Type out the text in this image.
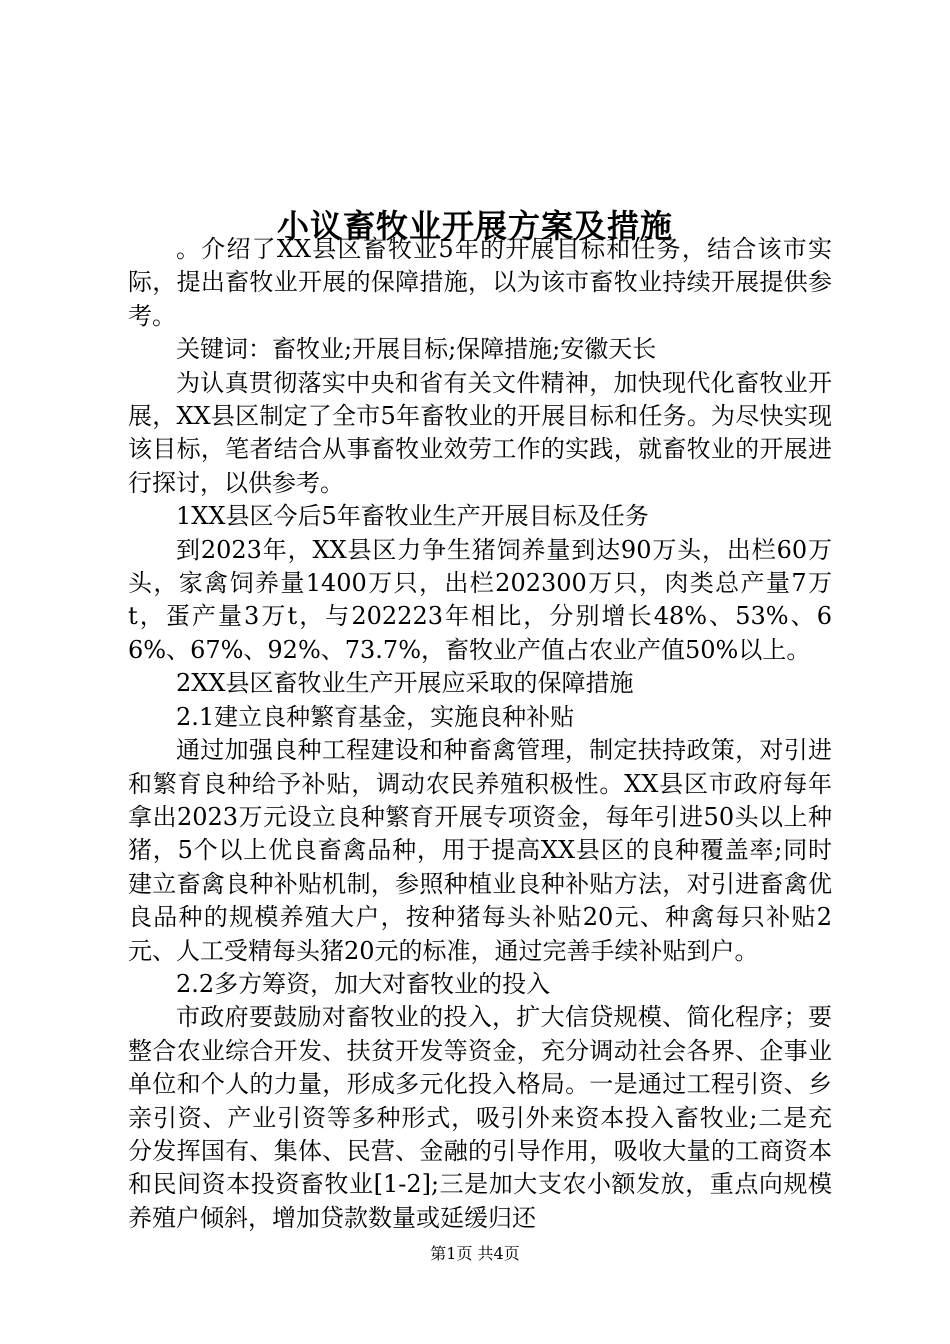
小议畜牧业开展方案及措施

。介绍了XX县区畜牧业5年的开展目标和任务，结合该市实际，提出畜牧业开展的保障措施，以为该市畜牧业持续开展提供参考。

关键词：畜牧业;开展目标;保障措施;安徽天长

为认真贯彻落实中央和省有关文件精神，加快现代化畜牧业开展，XX县区制定了全市5年畜牧业的开展目标和任务。为尽快实现该目标，笔者结合从事畜牧业效劳工作的实践，就畜牧业的开展进行探讨，以供参考。

1XX县区今后5年畜牧业生产开展目标及任务

到2023年，XX县区力争生猪饲养量到达90万头，出栏60万头，家禽饲养量1400万只，出栏202300万只，肉类总产量7万t，蛋产量3万t，与202223年相比，分别增长48%、53%、66%、67%、92%、73.7%，畜牧业产值占农业产值50%以上。

2XX县区畜牧业生产开展应采取的保障措施

2.1建立良种繁育基金，实施良种补贴

通过加强良种工程建设和种畜禽管理，制定扶持政策，对引进和繁育良种给予补贴，调动农民养殖积极性。XX县区市政府每年拿出2023万元设立良种繁育开展专项资金，每年引进50头以上种猪，5个以上优良畜禽品种，用于提高XX县区的良种覆盖率;同时建立畜禽良种补贴机制，参照种植业良种补贴方法，对引进畜禽优良品种的规模养殖大户，按种猪每头补贴20元、种禽每只补贴2元、人工受精每头猪20元的标准，通过完善手续补贴到户。

2.2多方筹资，加大对畜牧业的投入

市政府要鼓励对畜牧业的投入，扩大信贷规模、简化程序；要整合农业综合开发、扶贫开发等资金，充分调动社会各界、企事业单位和个人的力量，形成多元化投入格局。一是通过工程引资、乡亲引资、产业引资等多种形式，吸引外来资本投入畜牧业;二是充分发挥国有、集体、民营、金融的引导作用，吸收大量的工商资本和民间资本投资畜牧业[1-2];三是加大支农小额发放，重点向规模养殖户倾斜，增加贷款数量或延缓归还

第1页 共4页
